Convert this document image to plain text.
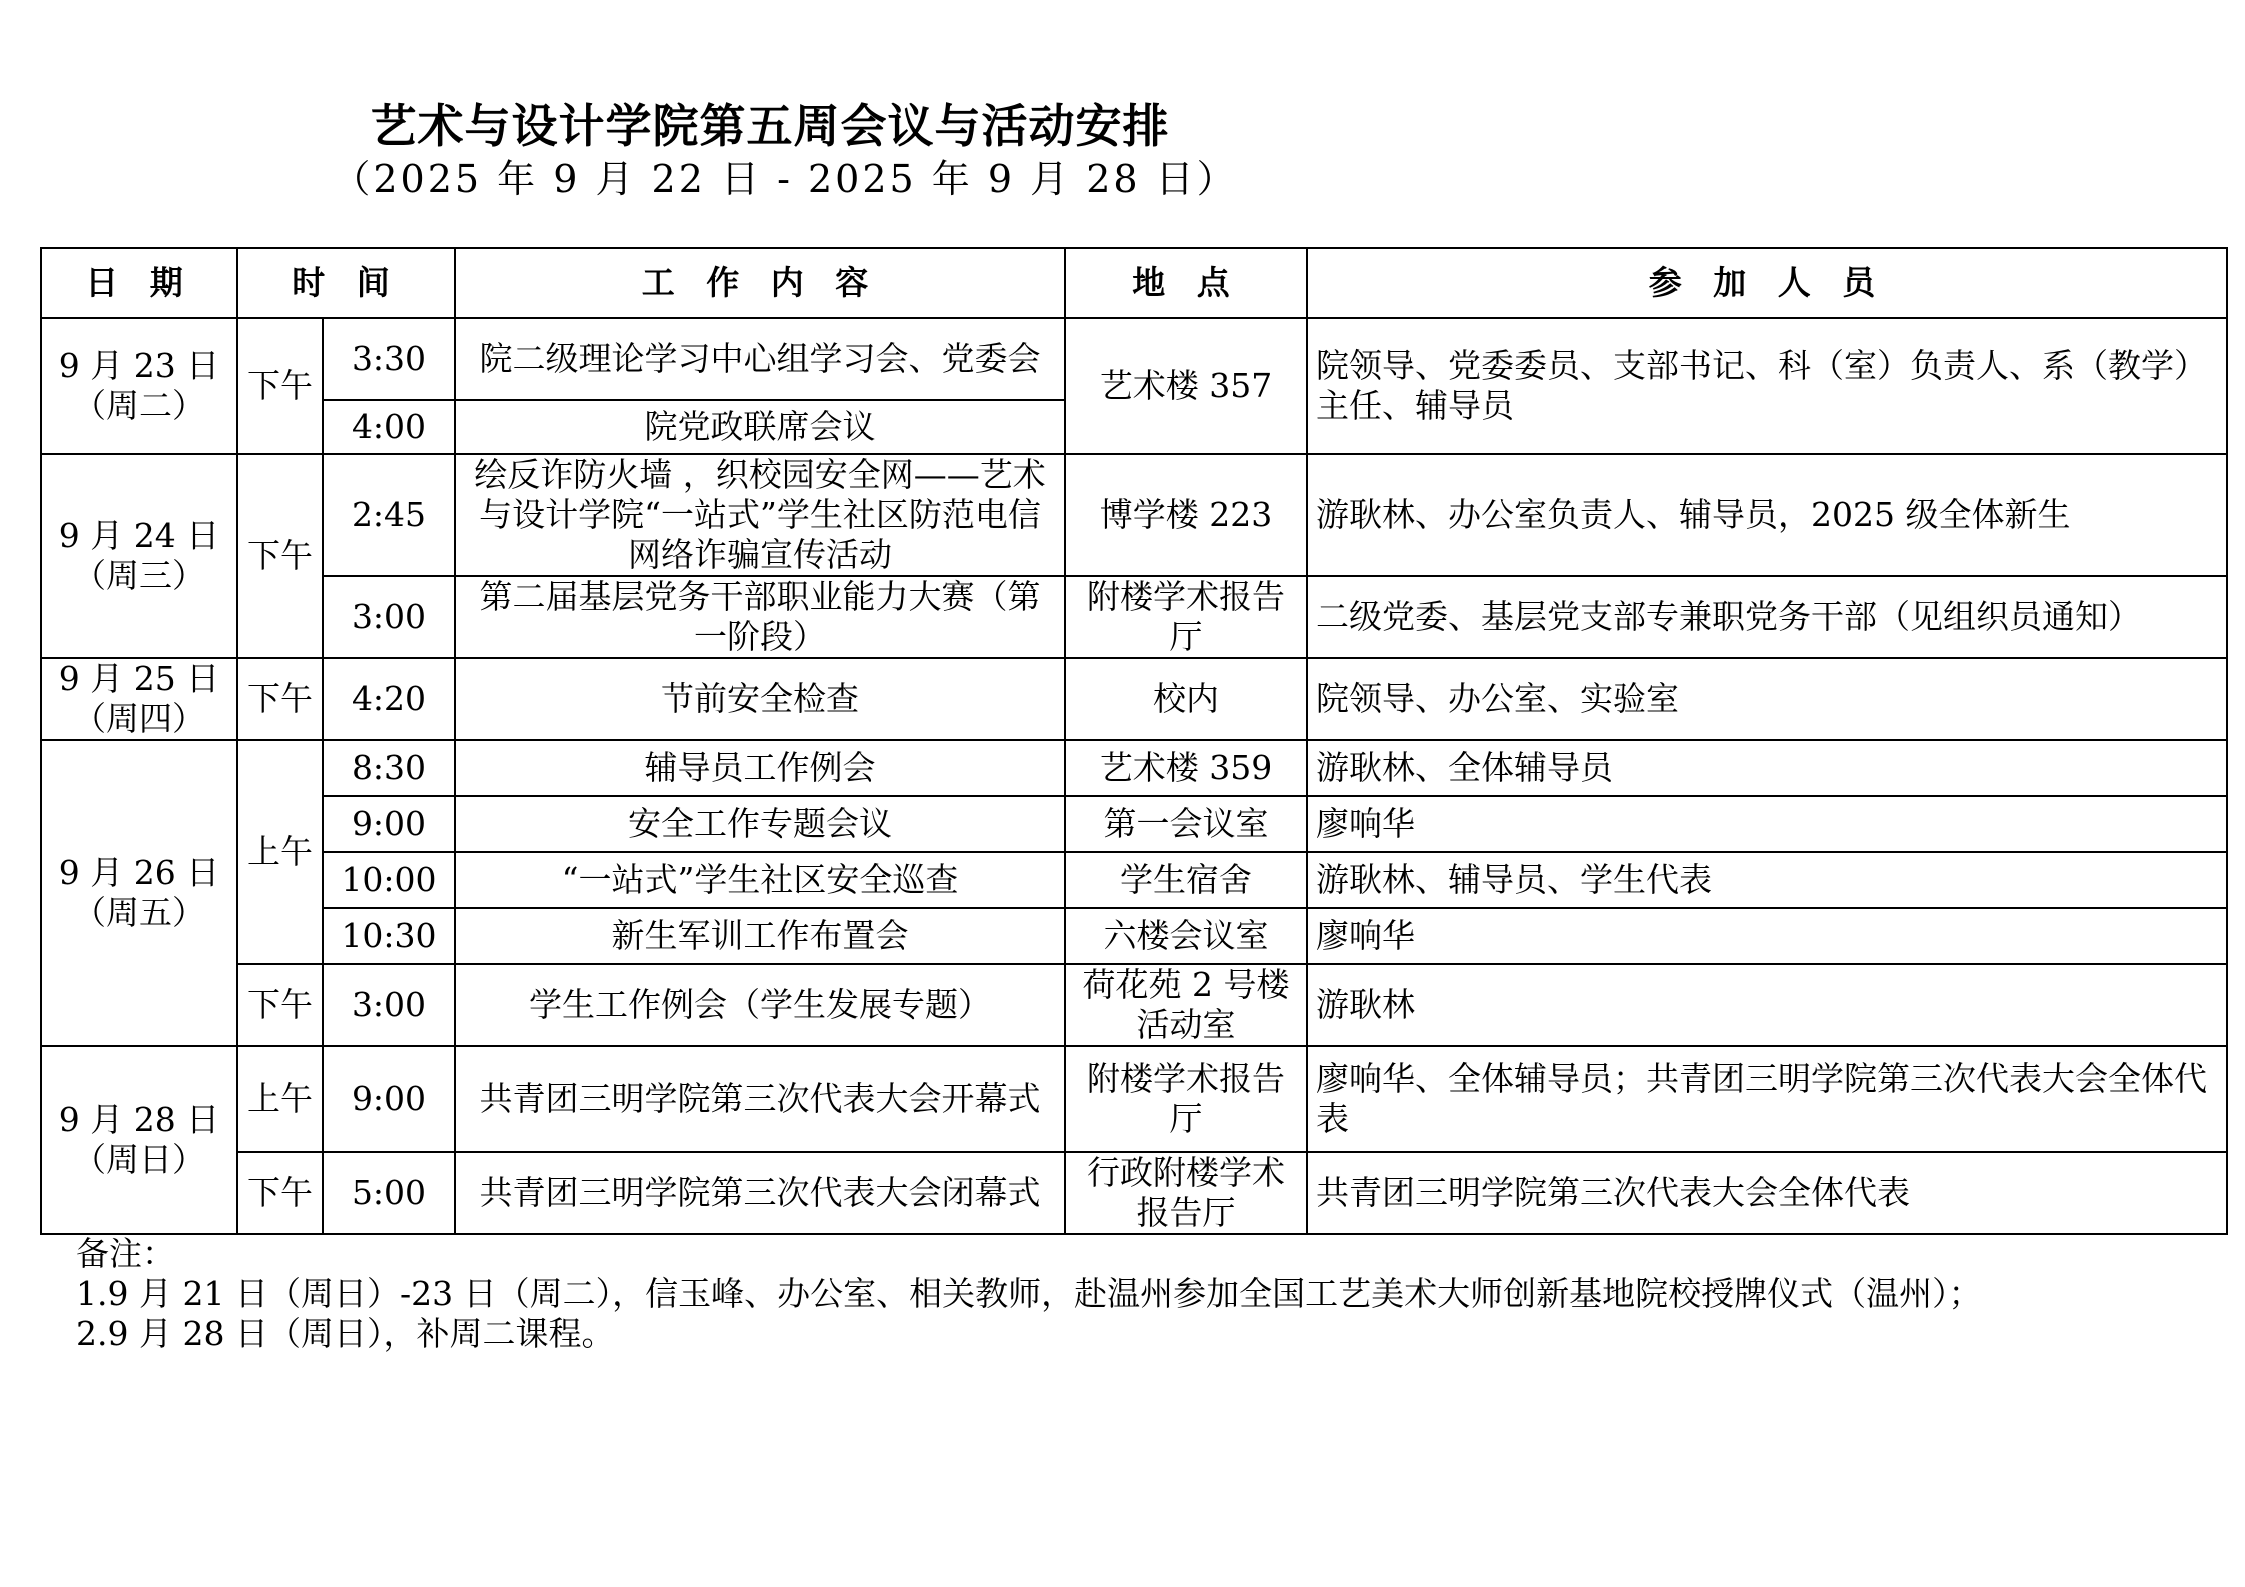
艺术与设计学院第五周会议与活动安排
（2025 年 9 月 22 日 - 2025 年 9 月 28 日）
日 期	时 间		工 作 内 容	地 点	参 加 人 员
9 月 23 日（周二）	下午	3:30	院二级理论学习中心组学习会、党委会	艺术楼 357	院领导、党委委员、支部书记、科（室）负责人、系（教学）主任、辅导员
		4:00	院党政联席会议		
9 月 24 日（周三）	下午	2:45	绘反诈防火墙 ，织校园安全网——艺术与设计学院“一站式”学生社区防范电信网络诈骗宣传活动	博学楼 223	游耿林、办公室负责人、辅导员，2025 级全体新生
		3:00	第二届基层党务干部职业能力大赛（第一阶段）	附楼学术报告厅	二级党委、基层党支部专兼职党务干部（见组织员通知）
9 月 25 日（周四）	下午	4:20	节前安全检查	校内	院领导、办公室、实验室
9 月 26 日（周五）	上午	8:30	辅导员工作例会	艺术楼 359	游耿林、全体辅导员
		9:00	安全工作专题会议	第一会议室	廖响华
		10:00	“一站式”学生社区安全巡查	学生宿舍	游耿林、辅导员、学生代表
		10:30	新生军训工作布置会	六楼会议室	廖响华
	下午	3:00	学生工作例会（学生发展专题）	荷花苑 2 号楼活动室	游耿林
9 月 28 日（周日）	上午	9:00	共青团三明学院第三次代表大会开幕式	附楼学术报告厅	廖响华、全体辅导员；共青团三明学院第三次代表大会全体代表
	下午	5:00	共青团三明学院第三次代表大会闭幕式	行政附楼学术报告厅	共青团三明学院第三次代表大会全体代表
备注：
1.9 月 21 日（周日）-23 日（周二），信玉峰、办公室、相关教师，赴温州参加全国工艺美术大师创新基地院校授牌仪式（温州）；
2.9 月 28 日（周日），补周二课程。
